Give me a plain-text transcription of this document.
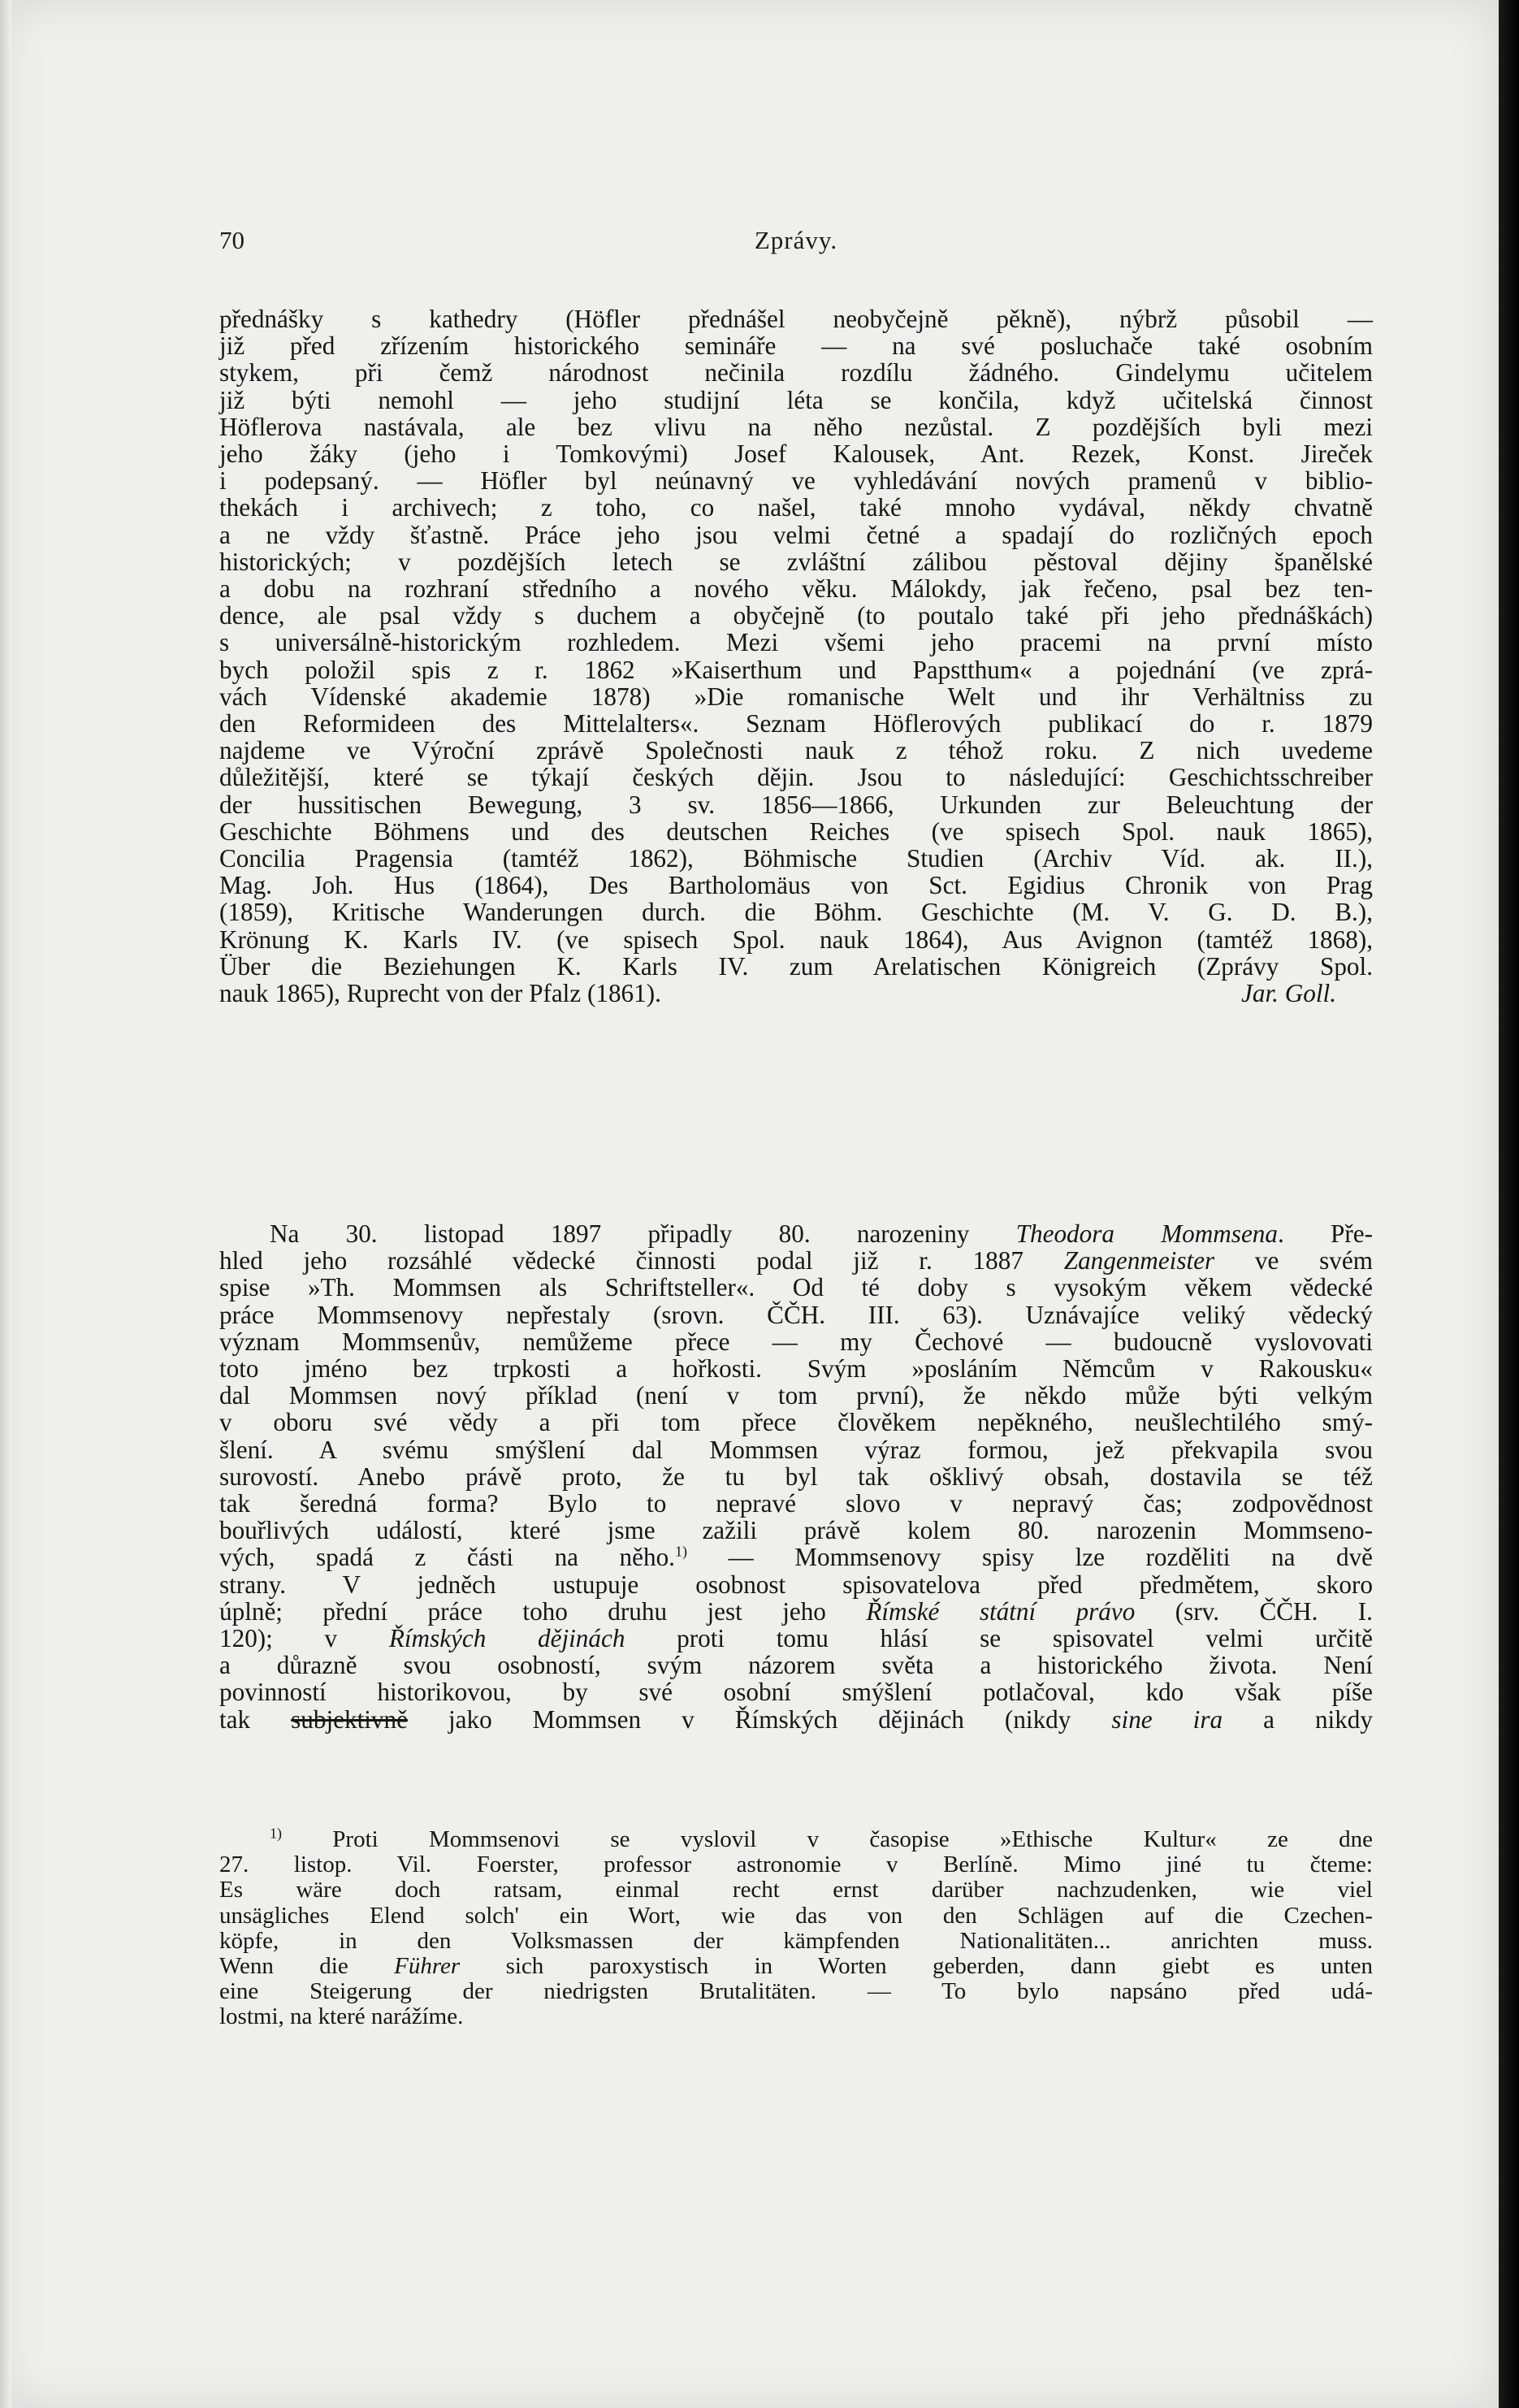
70	Zprávy.
přednášky s kathedry (Höfler přednášel neobyčejně pěkně), nýbrž působil —
již před zřízením historického semináře — na své posluchače také osobním
stykem, při čemž národnost nečinila rozdílu žádného. Gindelymu učitelem
již býti nemohl — jeho studijní léta se končila, když učitelská činnost
Höflerova nastávala, ale bez vlivu na něho nezůstal. Z pozdějších byli mezi
jeho žáky (jeho i Tomkovými) Josef Kalousek, Ant. Rezek, Konst. Jireček
i podepsaný. — Höfler byl neúnavný ve vyhledávání nových pramenů v biblio-
thekách i archivech; z toho, co našel, také mnoho vydával, někdy chvatně
a ne vždy šťastně. Práce jeho jsou velmi četné a spadají do rozličných epoch
historických; v pozdějších letech se zvláštní zálibou pěstoval dějiny španělské
a dobu na rozhraní středního a nového věku. Málokdy, jak řečeno, psal bez ten-
dence, ale psal vždy s duchem a obyčejně (to poutalo také při jeho přednáškách)
s universálně-historickým rozhledem. Mezi všemi jeho pracemi na první místo
bych položil spis z r. 1862 »Kaiserthum und Papstthum« a pojednání (ve zprá-
vách Vídenské akademie 1878) »Die romanische Welt und ihr Verhältniss zu
den Reformideen des Mittelalters«. Seznam Höflerových publikací do r. 1879
najdeme ve Výroční zprávě Společnosti nauk z téhož roku. Z nich uvedeme
důležitější, které se týkají českých dějin. Jsou to následující: Geschichtsschreiber
der hussitischen Bewegung, 3 sv. 1856—1866, Urkunden zur Beleuchtung der
Geschichte Böhmens und des deutschen Reiches (ve spisech Spol. nauk 1865),
Concilia Pragensia (tamtéž 1862), Böhmische Studien (Archiv Víd. ak. II.),
Mag. Joh. Hus (1864), Des Bartholomäus von Sct. Egidius Chronik von Prag
(1859), Kritische Wanderungen durch. die Böhm. Geschichte (M. V. G. D. B.),
Krönung K. Karls IV. (ve spisech Spol. nauk 1864), Aus Avignon (tamtéž 1868),
Über die Beziehungen K. Karls IV. zum Arelatischen Königreich (Zprávy Spol.
nauk 1865), Ruprecht von der Pfalz (1861).	Jar. Goll.
Na 30. listopad 1897 připadly 80. narozeniny Theodora Mommsena. Pře-
hled jeho rozsáhlé vědecké činnosti podal již r. 1887 Zangenmeister ve svém
spise »Th. Mommsen als Schriftsteller«. Od té doby s vysokým věkem vědecké
práce Mommsenovy nepřestaly (srovn. ČČH. III. 63). Uznávajíce veliký vědecký
význam Mommsenův, nemůžeme přece — my Čechové — budoucně vyslovovati
toto jméno bez trpkosti a hořkosti. Svým »posláním Němcům v Rakousku«
dal Mommsen nový příklad (není v tom první), že někdo může býti velkým
v oboru své vědy a při tom přece člověkem nepěkného, neušlechtilého smý-
šlení. A svému smýšlení dal Mommsen výraz formou, jež překvapila svou
surovostí. Anebo právě proto, že tu byl tak ošklivý obsah, dostavila se též
tak šeredná forma? Bylo to nepravé slovo v nepravý čas; zodpovědnost
bouřlivých událostí, které jsme zažili právě kolem 80. narozenin Mommseno-
vých, spadá z části na něho.$^{1)}$ — Mommsenovy spisy lze rozděliti na dvě
strany. V jedněch ustupuje osobnost spisovatelova před předmětem, skoro
úplně; přední práce toho druhu jest jeho Římské státní právo (srv. ČČH. I.
120); v Římských dějinách proti tomu hlásí se spisovatel velmi určitě
a důrazně svou osobností, svým názorem světa a historického života. Není
povinností historikovou, by své osobní smýšlení potlačoval, kdo však píše
tak subjektivně jako Mommsen v Římských dějinách (nikdy sine ira a nikdy
$^{1)}$ Proti Mommsenovi se vyslovil v časopise »Ethische Kultur« ze dne
27. listop. Vil. Foerster, professor astronomie v Berlíně. Mimo jiné tu čteme:
Es wäre doch ratsam, einmal recht ernst darüber nachzudenken, wie viel
unsägliches Elend solch' ein Wort, wie das von den Schlägen auf die Czechen-
köpfe, in den Volksmassen der kämpfenden Nationalitäten... anrichten muss.
Wenn die Führer sich paroxystisch in Worten geberden, dann giebt es unten
eine Steigerung der niedrigsten Brutalitäten. — To bylo napsáno před udá-
lostmi, na které narážíme.
